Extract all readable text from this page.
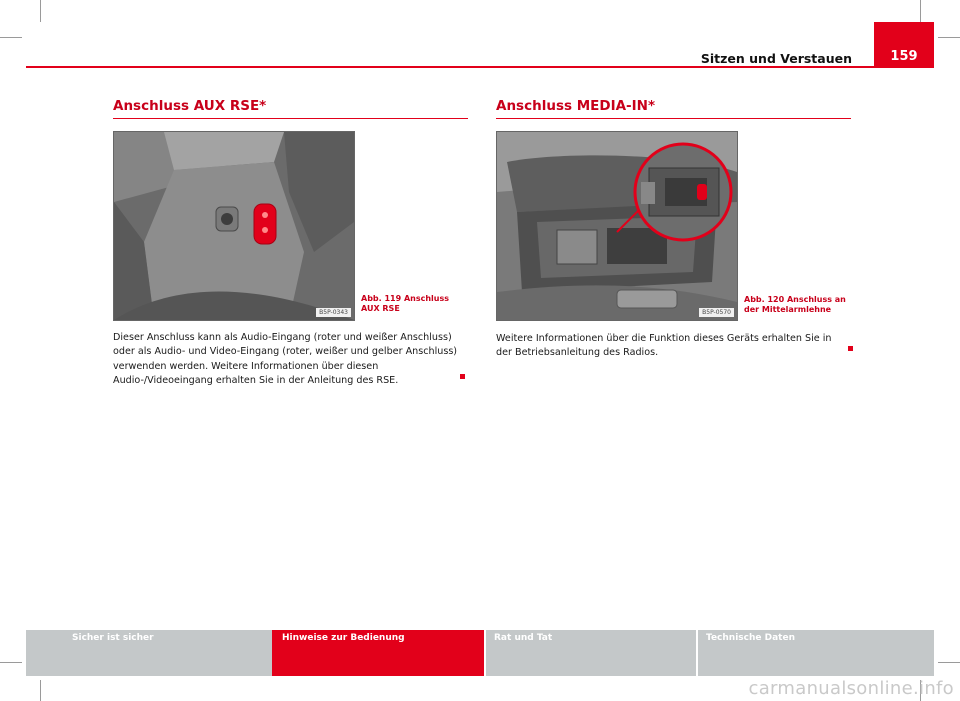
Sitzen und Verstauen	159
Anschluss AUX RSE*
B5P-0343
Abb. 119 Anschluss AUX RSE
Dieser Anschluss kann als Audio-Eingang (roter und weißer Anschluss) oder als Audio- und Video-Eingang (roter, weißer und gelber Anschluss) verwenden werden. Weitere Informationen über diesen Audio-/Videoeingang erhalten Sie in der Anleitung des RSE.
Anschluss MEDIA-IN*
B5P-0570
Abb. 120 Anschluss an der Mittelarmlehne
Weitere Informationen über die Funktion dieses Geräts erhalten Sie in der Betriebsanleitung des Radios.
Sicher ist sicher	Hinweise zur Bedienung	Rat und Tat	Technische Daten
carmanualsonline.info
